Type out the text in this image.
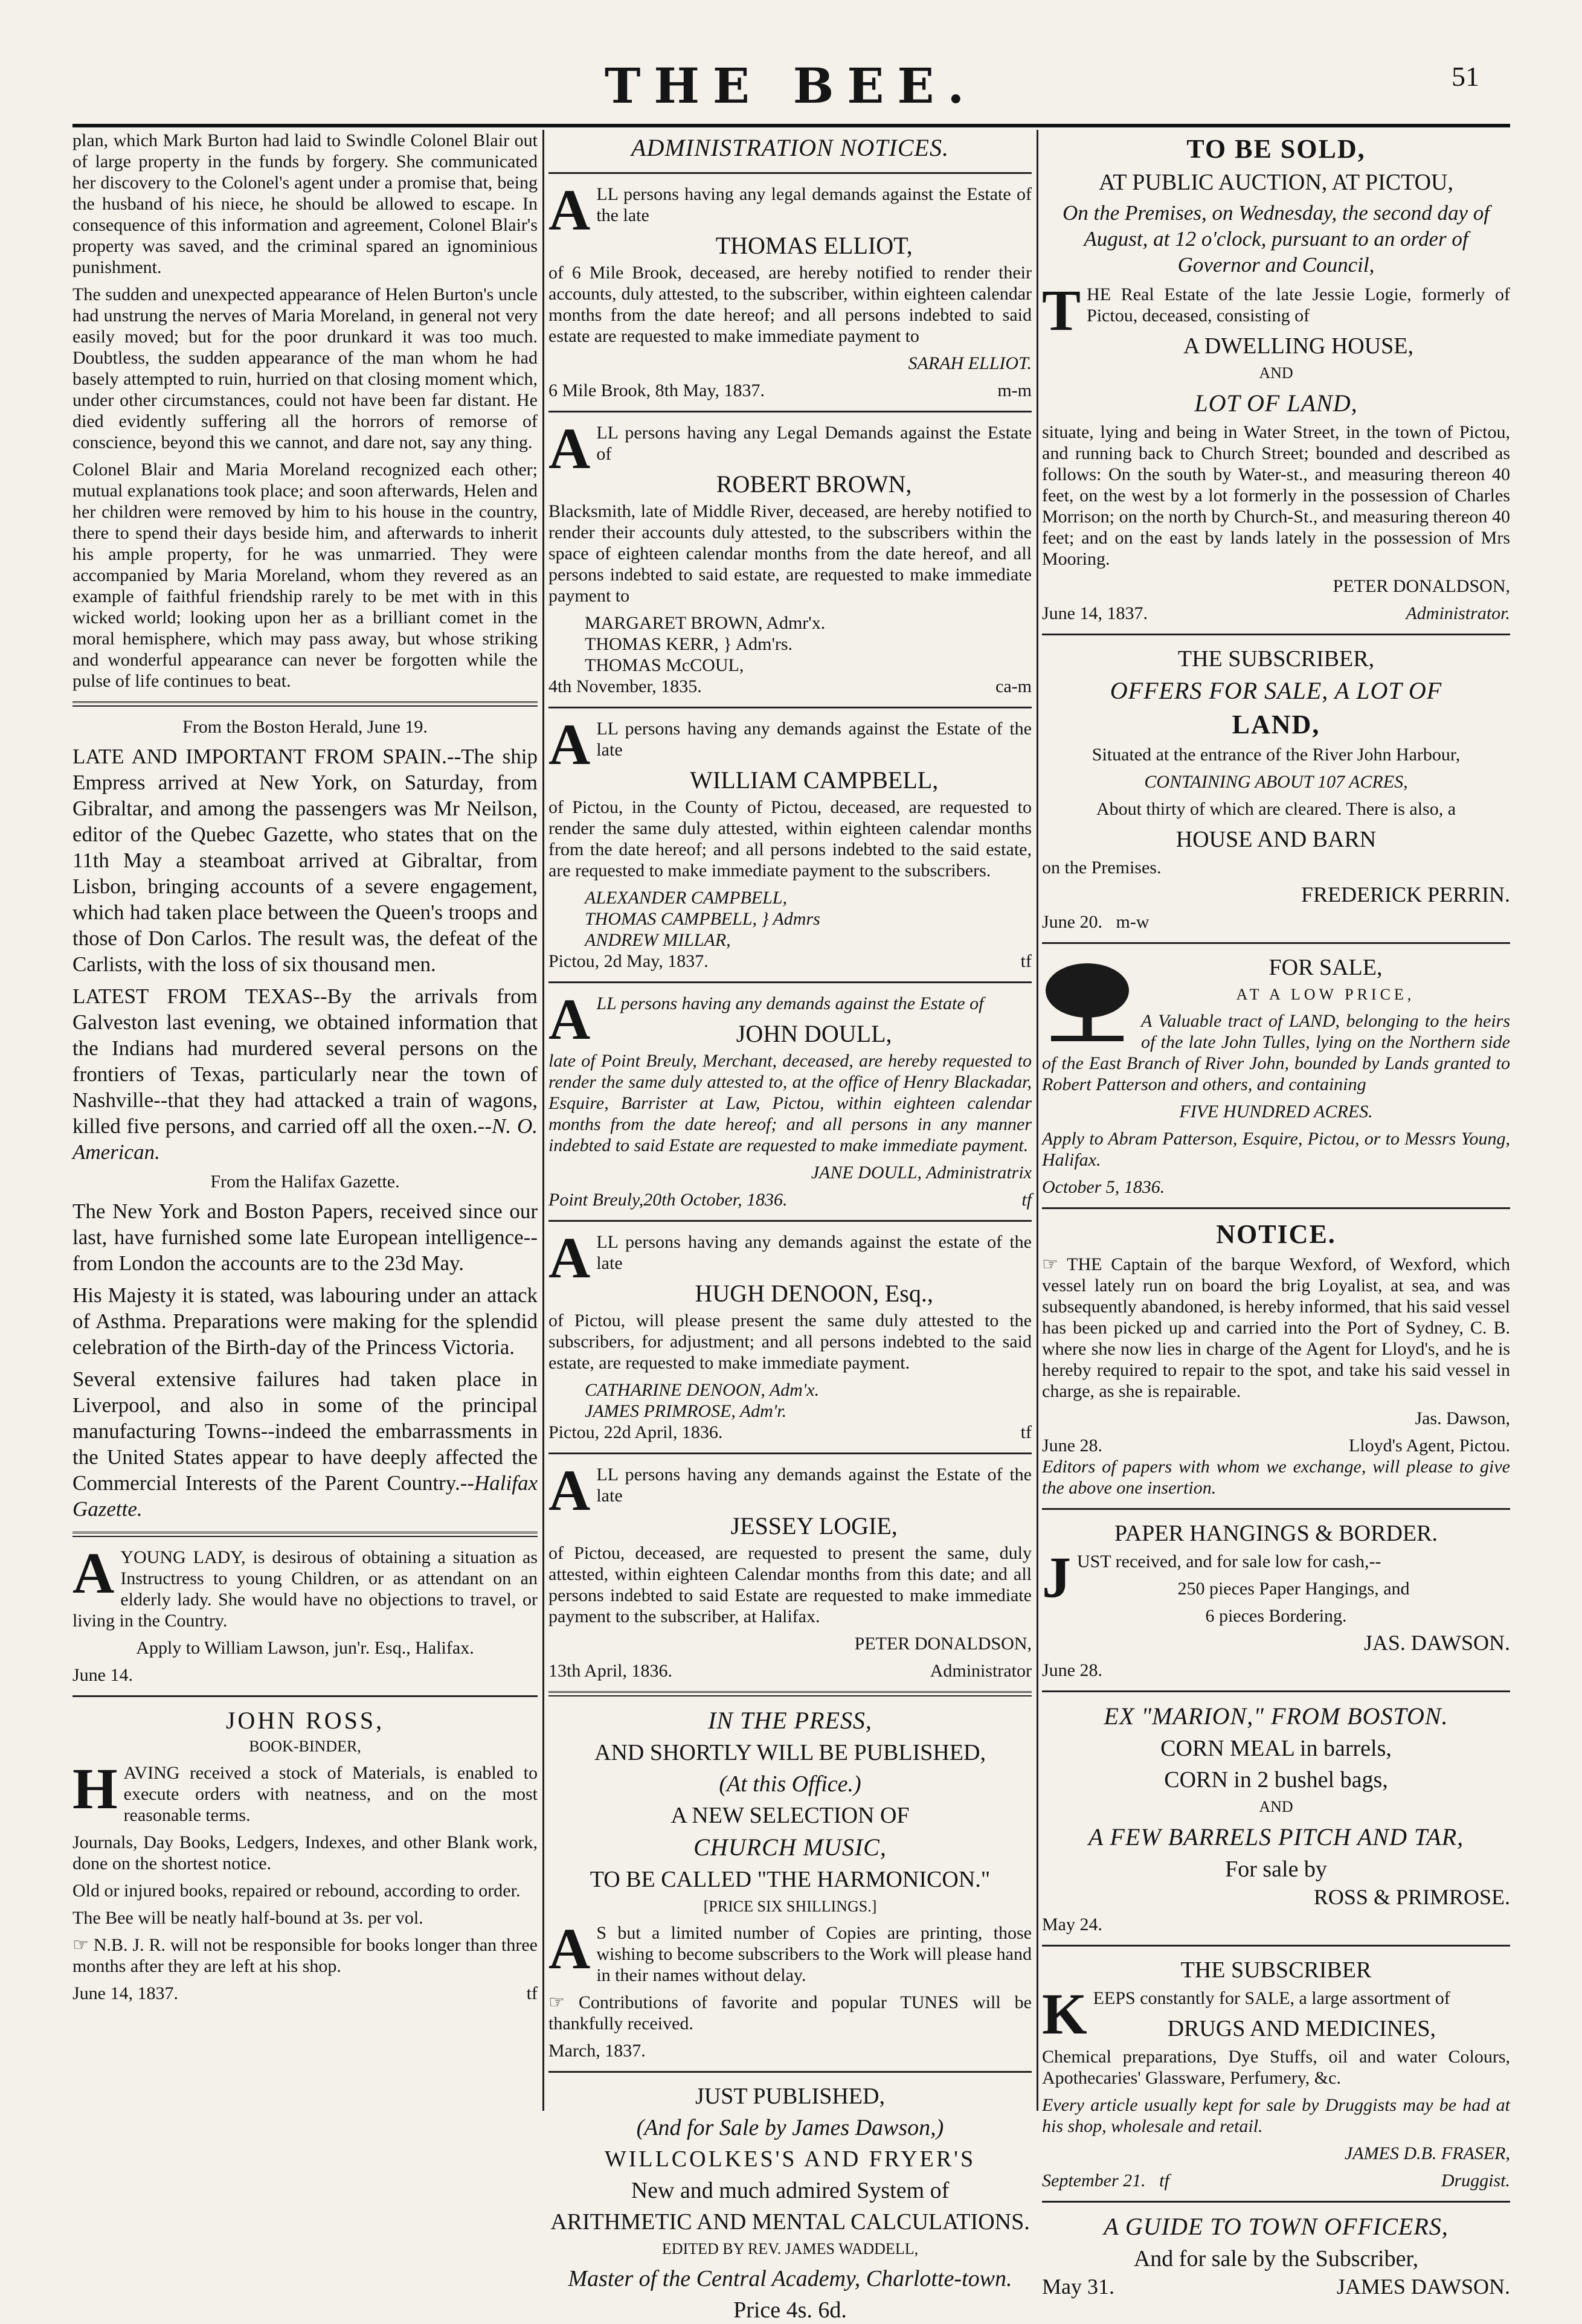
THE BEE.	51

plan, which Mark Burton had laid to Swindle Colonel Blair out of large property in the funds by forgery. She communicated her discovery to the Colonel's agent under a promise that, being the husband of his niece, he should be allowed to escape. In consequence of this information and agreement, Colonel Blair's property was saved, and the criminal spared an ignominious punishment.

The sudden and unexpected appearance of Helen Burton's uncle had unstrung the nerves of Maria Moreland, in general not very easily moved; but for the poor drunkard it was too much. Doubtless, the sudden appearance of the man whom he had basely attempted to ruin, hurried on that closing moment which, under other circumstances, could not have been far distant. He died evidently suffering all the horrors of remorse of conscience, beyond this we cannot, and dare not, say any thing.

Colonel Blair and Maria Moreland recognized each other; mutual explanations took place; and soon afterwards, Helen and her children were removed by him to his house in the country, there to spend their days beside him, and afterwards to inherit his ample property, for he was unmarried. They were accompanied by Maria Moreland, whom they revered as an example of faithful friendship rarely to be met with in this wicked world; looking upon her as a brilliant comet in the moral hemisphere, which may pass away, but whose striking and wonderful appearance can never be forgotten while the pulse of life continues to beat.

From the Boston Herald, June 19.

LATE AND IMPORTANT FROM SPAIN.--The ship Empress arrived at New York, on Saturday, from Gibraltar, and among the passengers was Mr Neilson, editor of the Quebec Gazette, who states that on the 11th May a steamboat arrived at Gibraltar, from Lisbon, bringing accounts of a severe engagement, which had taken place between the Queen's troops and those of Don Carlos. The result was, the defeat of the Carlists, with the loss of six thousand men.

LATEST FROM TEXAS--By the arrivals from Galveston last evening, we obtained information that the Indians had murdered several persons on the frontiers of Texas, particularly near the town of Nashville--that they had attacked a train of wagons, killed five persons, and carried off all the oxen.--N. O. American.

From the Halifax Gazette.

The New York and Boston Papers, received since our last, have furnished some late European intelligence--from London the accounts are to the 23d May.

His Majesty it is stated, was labouring under an attack of Asthma. Preparations were making for the splendid celebration of the Birth-day of the Princess Victoria.

Several extensive failures had taken place in Liverpool, and also in some of the principal manufacturing Towns--indeed the embarrassments in the United States appear to have deeply affected the Commercial Interests of the Parent Country.--Halifax Gazette.

A YOUNG LADY, is desirous of obtaining a situation as Instructress to young Children, or as attendant on an elderly lady. She would have no objections to travel, or living in the Country.

Apply to William Lawson, jun'r. Esq., Halifax.

June 14.

JOHN ROSS,
BOOK-BINDER,
H AVING received a stock of Materials, is enabled to execute orders with neatness, and on the most reasonable terms.

Journals, Day Books, Ledgers, Indexes, and other Blank work, done on the shortest notice.

Old or injured books, repaired or rebound, according to order.

The Bee will be neatly half-bound at 3s. per vol.

☞ N.B. J. R. will not be responsible for books longer than three months after they are left at his shop.

June 14, 1837.	tf
ADMINISTRATION NOTICES.
A LL persons having any legal demands against the Estate of the late

THOMAS ELLIOT,

of 6 Mile Brook, deceased, are hereby notified to render their accounts, duly attested, to the subscriber, within eighteen calendar months from the date hereof; and all persons indebted to said estate are requested to make immediate payment to

SARAH ELLIOT.
6 Mile Brook, 8th May, 1837.	m-m
A LL persons having any Legal Demands against the Estate of

ROBERT BROWN,

Blacksmith, late of Middle River, deceased, are hereby notified to render their accounts duly attested, to the subscribers within the space of eighteen calendar months from the date hereof, and all persons indebted to said estate, are requested to make immediate payment to

MARGARET BROWN, Admr'x.
THOMAS KERR, } Adm'rs.
THOMAS McCOUL,
4th November, 1835.	ca-m
A LL persons having any demands against the Estate of the late

WILLIAM CAMPBELL,

of Pictou, in the County of Pictou, deceased, are requested to render the same duly attested, within eighteen calendar months from the date hereof; and all persons indebted to the said estate, are requested to make immediate payment to the subscribers.

ALEXANDER CAMPBELL,
THOMAS CAMPBELL, } Admrs
ANDREW MILLAR,
Pictou, 2d May, 1837.	tf
A LL persons having any demands against the Estate of

JOHN DOULL,

late of Point Breuly, Merchant, deceased, are hereby requested to render the same duly attested to, at the office of Henry Blackadar, Esquire, Barrister at Law, Pictou, within eighteen calendar months from the date hereof; and all persons in any manner indebted to said Estate are requested to make immediate payment.

JANE DOULL, Administratrix
Point Breuly,20th October, 1836.	tf
A LL persons having any demands against the estate of the late

HUGH DENOON, Esq.,

of Pictou, will please present the same duly attested to the subscribers, for adjustment; and all persons indebted to the said estate, are requested to make immediate payment.

CATHARINE DENOON, Adm'x.
JAMES PRIMROSE, Adm'r.
Pictou, 22d April, 1836.	tf
A LL persons having any demands against the Estate of the late

JESSEY LOGIE,

of Pictou, deceased, are requested to present the same, duly attested, within eighteen Calendar months from this date; and all persons indebted to said Estate are requested to make immediate payment to the subscriber, at Halifax.

PETER DONALDSON,
13th April, 1836.	Administrator
IN THE PRESS,
AND SHORTLY WILL BE PUBLISHED,
(At this Office.)
A NEW SELECTION OF
CHURCH MUSIC,
TO BE CALLED "THE HARMONICON."
[PRICE SIX SHILLINGS.]
A S but a limited number of Copies are printing, those wishing to become subscribers to the Work will please hand in their names without delay.

☞ Contributions of favorite and popular TUNES will be thankfully received.

March, 1837.

JUST PUBLISHED,
(And for Sale by James Dawson,)
WILLCOLKES'S AND FRYER'S
New and much admired System of
ARITHMETIC AND MENTAL CALCULATIONS.
EDITED BY REV. JAMES WADDELL,
Master of the Central Academy, Charlotte-town.
Price 4s. 6d.
TO BE SOLD,
AT PUBLIC AUCTION, AT PICTOU,
On the Premises, on Wednesday, the second day of August, at 12 o'clock, pursuant to an order of Governor and Council,
T HE Real Estate of the late Jessie Logie, formerly of Pictou, deceased, consisting of

A DWELLING HOUSE,
AND
LOT OF LAND,

situate, lying and being in Water Street, in the town of Pictou, and running back to Church Street; bounded and described as follows: On the south by Water-st., and measuring thereon 40 feet, on the west by a lot formerly in the possession of Charles Morrison; on the north by Church-St., and measuring thereon 40 feet; and on the east by lands lately in the possession of Mrs Mooring.

PETER DONALDSON,
June 14, 1837.	Administrator.
THE SUBSCRIBER,
OFFERS FOR SALE, A LOT OF
LAND,
Situated at the entrance of the River John Harbour,
CONTAINING ABOUT 107 ACRES,
About thirty of which are cleared. There is also, a
HOUSE AND BARN
on the Premises.
FREDERICK PERRIN.
June 20. m-w
FOR SALE,
AT A LOW PRICE,

A Valuable tract of LAND, belonging to the heirs of the late John Tulles, lying on the Northern side of the East Branch of River John, bounded by Lands granted to Robert Patterson and others, and containing

FIVE HUNDRED ACRES.

Apply to Abram Patterson, Esquire, Pictou, or to Messrs Young, Halifax.

October 5, 1836.
NOTICE.

☞ THE Captain of the barque Wexford, of Wexford, which vessel lately run on board the brig Loyalist, at sea, and was subsequently abandoned, is hereby informed, that his said vessel has been picked up and carried into the Port of Sydney, C. B. where she now lies in charge of the Agent for Lloyd's, and he is hereby required to repair to the spot, and take his said vessel in charge, as she is repairable.

Jas. Dawson,
June 28.	Lloyd's Agent, Pictou.

Editors of papers with whom we exchange, will please to give the above one insertion.

PAPER HANGINGS & BORDER.
J UST received, and for sale low for cash,--

250 pieces Paper Hangings, and
6 pieces Bordering.
JAS. DAWSON.
June 28.
EX "MARION," FROM BOSTON.
CORN MEAL in barrels,
CORN in 2 bushel bags,
AND
A FEW BARRELS PITCH AND TAR,
For sale by
ROSS & PRIMROSE.
May 24.
THE SUBSCRIBER
K EEPS constantly for SALE, a large assortment of

DRUGS AND MEDICINES,

Chemical preparations, Dye Stuffs, oil and water Colours, Apothecaries' Glassware, Perfumery, &c.

Every article usually kept for sale by Druggists may be had at his shop, wholesale and retail.

JAMES D.B. FRASER,
September 21. tf	Druggist.
A GUIDE TO TOWN OFFICERS,
And for sale by the Subscriber,
May 31.	JAMES DAWSON.
